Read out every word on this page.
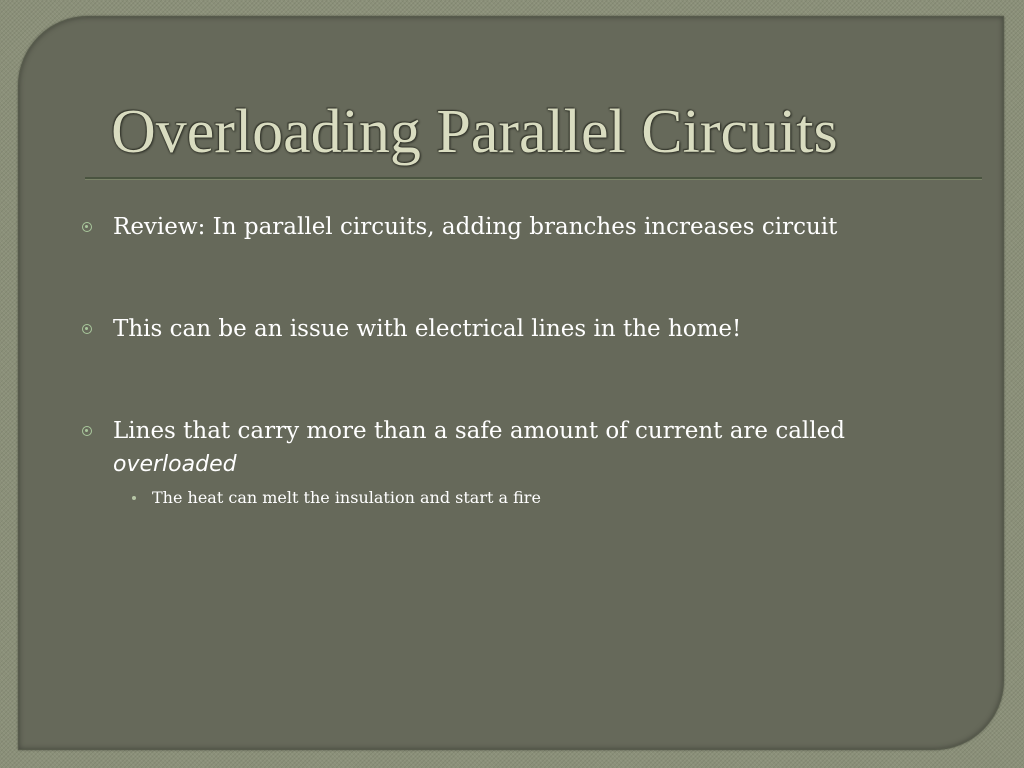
Overloading Parallel Circuits
Review: In parallel circuits, adding branches increases circuit
This can be an issue with electrical lines in the home!
Lines that carry more than a safe amount of current are called
overloaded
The heat can melt the insulation and start a fire
